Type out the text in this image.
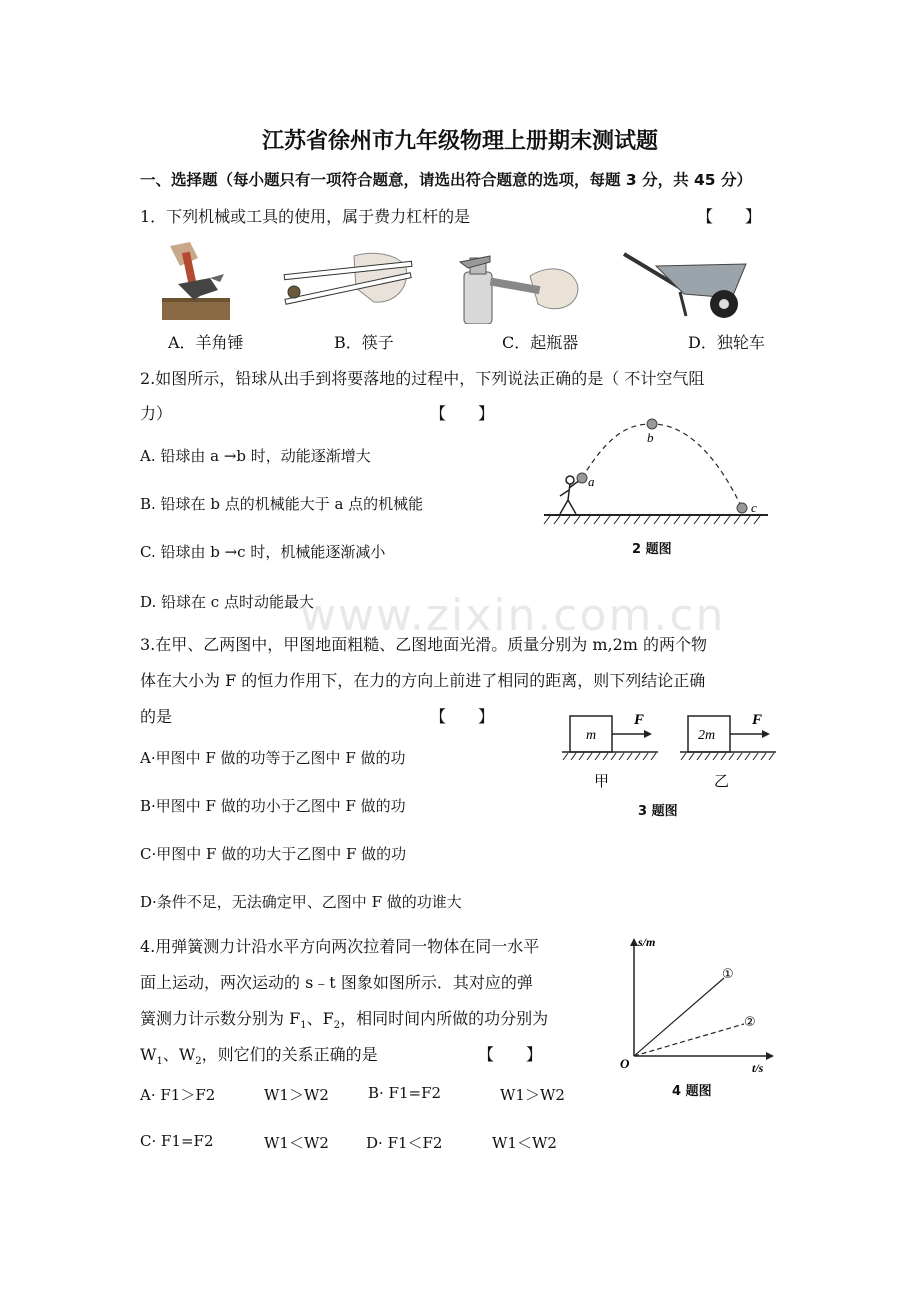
www.zixin.com.cn
江苏省徐州市九年级物理上册期末测试题
一、选择题（每小题只有一项符合题意，请选出符合题意的选项，每题 3 分，共 45 分）
1．下列机械或工具的使用，属于费力杠杆的是	【　　】
A．羊角锤	B．筷子	C．起瓶器	D．独轮车
2.如图所示，铅球从出手到将要落地的过程中，下列说法正确的是（ 不计空气阻
力）	【　　】
A. 铅球由 a →b 时，动能逐渐增大
B. 铅球在 b 点的机械能大于 a 点的机械能
C. 铅球由 b →c 时，机械能逐渐减小
D. 铅球在 c 点时动能最大
a
b
c
2 题图
3.在甲、乙两图中，甲图地面粗糙、乙图地面光滑。质量分别为 m,2m 的两个物
体在大小为 F 的恒力作用下，在力的方向上前进了相同的距离，则下列结论正确
的是	【　　】
A·甲图中 F 做的功等于乙图中 F 做的功
B·甲图中 F 做的功小于乙图中 F 做的功
C·甲图中 F 做的功大于乙图中 F 做的功
D·条件不足，无法确定甲、乙图中 F 做的功谁大
m
F
甲
2m
F
乙
3 题图
4.用弹簧测力计沿水平方向两次拉着同一物体在同一水平
面上运动，两次运动的 s﹣t 图象如图所示．其对应的弹
簧测力计示数分别为 $F_1$、$F_2$，相同时间内所做的功分别为
$W_1$、$W_2$，则它们的关系正确的是	【　　】
A· F1＞F2	W1＞W2	B· F1=F2	W1＞W2
C· F1=F2	W1＜W2 D· F1＜F2	W1＜W2
s/m
t/s
O
①
②
4 题图
